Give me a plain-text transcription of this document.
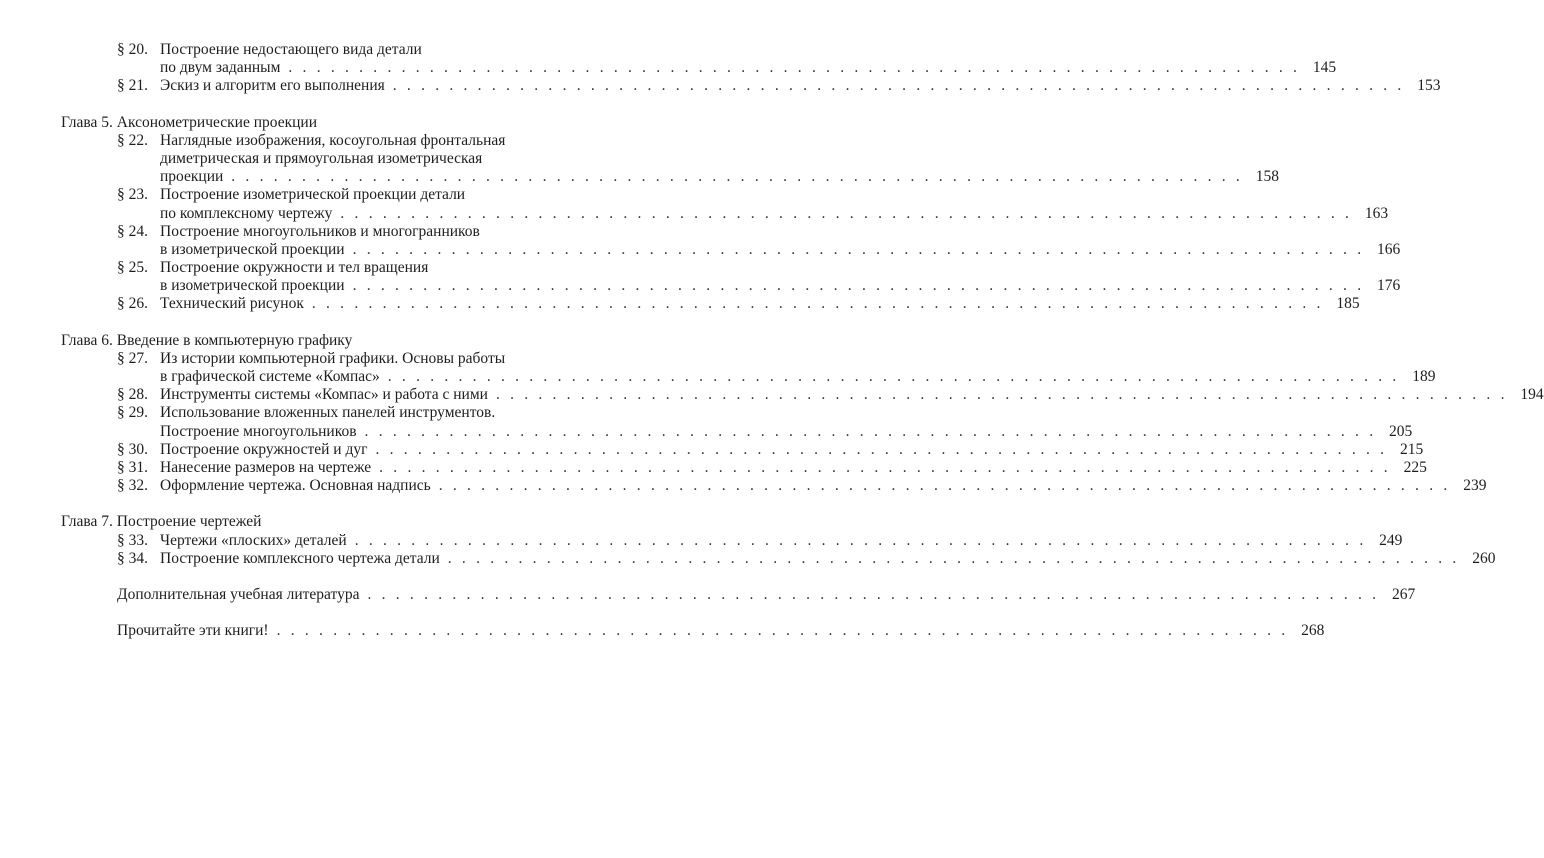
§ 20. Построение недостающего вида детали
по двум заданным . . . . . . . . . . . . . . . . . . . . . . . . . . . . . . . . . . . . . . . . . . . . . . . . . . . . . . . . . . . . . . . . . . . . . . . . 145
§ 21. Эскиз и алгоритм его выполнения . . . . . . . . . . . . . . . . . . . . . . . . . . . . . . . . . . . . . . . . . . . . . . . . . . . . . . . . . . . . . . . . . . . . . . . . 153
Глава 5. Аксонометрические проекции
§ 22. Наглядные изображения, косоугольная фронтальная
диметрическая и прямоугольная изометрическая
проекции . . . . . . . . . . . . . . . . . . . . . . . . . . . . . . . . . . . . . . . . . . . . . . . . . . . . . . . . . . . . . . . . . . . . . . . . 158
§ 23. Построение изометрической проекции детали
по комплексному чертежу . . . . . . . . . . . . . . . . . . . . . . . . . . . . . . . . . . . . . . . . . . . . . . . . . . . . . . . . . . . . . . . . . . . . . . . . 163
§ 24. Построение многоугольников и многогранников
в изометрической проекции . . . . . . . . . . . . . . . . . . . . . . . . . . . . . . . . . . . . . . . . . . . . . . . . . . . . . . . . . . . . . . . . . . . . . . . . 166
§ 25. Построение окружности и тел вращения
в изометрической проекции . . . . . . . . . . . . . . . . . . . . . . . . . . . . . . . . . . . . . . . . . . . . . . . . . . . . . . . . . . . . . . . . . . . . . . . . 176
§ 26. Технический рисунок . . . . . . . . . . . . . . . . . . . . . . . . . . . . . . . . . . . . . . . . . . . . . . . . . . . . . . . . . . . . . . . . . . . . . . . . 185
Глава 6. Введение в компьютерную графику
§ 27. Из истории компьютерной графики. Основы работы
в графической системе «Компас» . . . . . . . . . . . . . . . . . . . . . . . . . . . . . . . . . . . . . . . . . . . . . . . . . . . . . . . . . . . . . . . . . . . . . . . . 189
§ 28. Инструменты системы «Компас» и работа с ними . . . . . . . . . . . . . . . . . . . . . . . . . . . . . . . . . . . . . . . . . . . . . . . . . . . . . . . . . . . . . . . . . . . . . . . . 194
§ 29. Использование вложенных панелей инструментов.
Построение многоугольников . . . . . . . . . . . . . . . . . . . . . . . . . . . . . . . . . . . . . . . . . . . . . . . . . . . . . . . . . . . . . . . . . . . . . . . . 205
§ 30. Построение окружностей и дуг . . . . . . . . . . . . . . . . . . . . . . . . . . . . . . . . . . . . . . . . . . . . . . . . . . . . . . . . . . . . . . . . . . . . . . . . 215
§ 31. Нанесение размеров на чертеже . . . . . . . . . . . . . . . . . . . . . . . . . . . . . . . . . . . . . . . . . . . . . . . . . . . . . . . . . . . . . . . . . . . . . . . . 225
§ 32. Оформление чертежа. Основная надпись . . . . . . . . . . . . . . . . . . . . . . . . . . . . . . . . . . . . . . . . . . . . . . . . . . . . . . . . . . . . . . . . . . . . . . . . 239
Глава 7. Построение чертежей
§ 33. Чертежи «плоских» деталей . . . . . . . . . . . . . . . . . . . . . . . . . . . . . . . . . . . . . . . . . . . . . . . . . . . . . . . . . . . . . . . . . . . . . . . . 249
§ 34. Построение комплексного чертежа детали . . . . . . . . . . . . . . . . . . . . . . . . . . . . . . . . . . . . . . . . . . . . . . . . . . . . . . . . . . . . . . . . . . . . . . . . 260
Дополнительная учебная литература . . . . . . . . . . . . . . . . . . . . . . . . . . . . . . . . . . . . . . . . . . . . . . . . . . . . . . . . . . . . . . . . . . . . . . . . 267
Прочитайте эти книги! . . . . . . . . . . . . . . . . . . . . . . . . . . . . . . . . . . . . . . . . . . . . . . . . . . . . . . . . . . . . . . . . . . . . . . . . 268
